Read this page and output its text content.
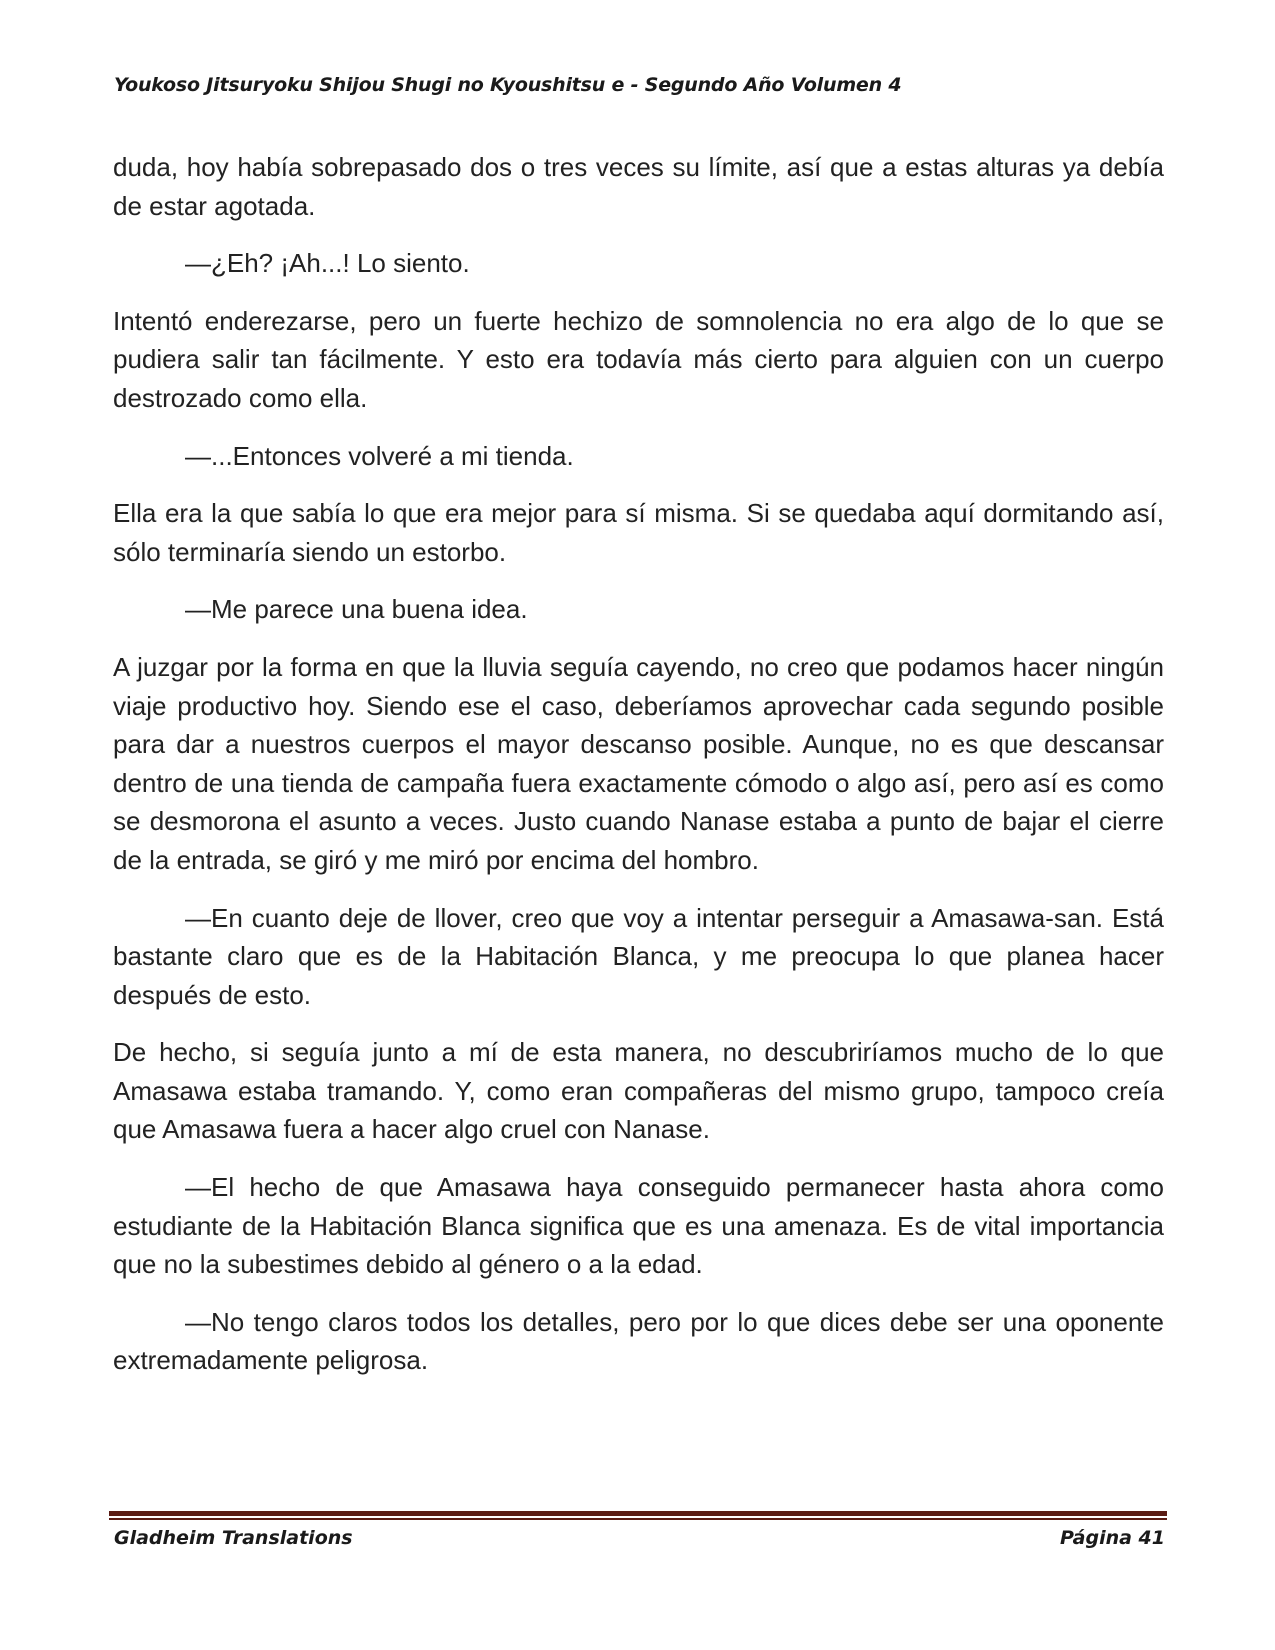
Youkoso Jitsuryoku Shijou Shugi no Kyoushitsu e - Segundo Año Volumen 4

duda, hoy había sobrepasado dos o tres veces su límite, así que a estas alturas ya debía de estar agotada.

—¿Eh? ¡Ah...! Lo siento.

Intentó enderezarse, pero un fuerte hechizo de somnolencia no era algo de lo que se pudiera salir tan fácilmente. Y esto era todavía más cierto para alguien con un cuerpo destrozado como ella.

—...Entonces volveré a mi tienda.

Ella era la que sabía lo que era mejor para sí misma. Si se quedaba aquí dormitando así, sólo terminaría siendo un estorbo.

—Me parece una buena idea.

A juzgar por la forma en que la lluvia seguía cayendo, no creo que podamos hacer ningún viaje productivo hoy. Siendo ese el caso, deberíamos aprovechar cada segundo posible para dar a nuestros cuerpos el mayor descanso posible. Aunque, no es que descansar dentro de una tienda de campaña fuera exactamente cómodo o algo así, pero así es como se desmorona el asunto a veces. Justo cuando Nanase estaba a punto de bajar el cierre de la entrada, se giró y me miró por encima del hombro.

—En cuanto deje de llover, creo que voy a intentar perseguir a Amasawa-san. Está bastante claro que es de la Habitación Blanca, y me preocupa lo que planea hacer después de esto.

De hecho, si seguía junto a mí de esta manera, no descubriríamos mucho de lo que Amasawa estaba tramando. Y, como eran compañeras del mismo grupo, tampoco creía que Amasawa fuera a hacer algo cruel con Nanase.

—El hecho de que Amasawa haya conseguido permanecer hasta ahora como estudiante de la Habitación Blanca significa que es una amenaza. Es de vital importancia que no la subestimes debido al género o a la edad.

—No tengo claros todos los detalles, pero por lo que dices debe ser una oponente extremadamente peligrosa.

Gladheim Translations	Página 41
